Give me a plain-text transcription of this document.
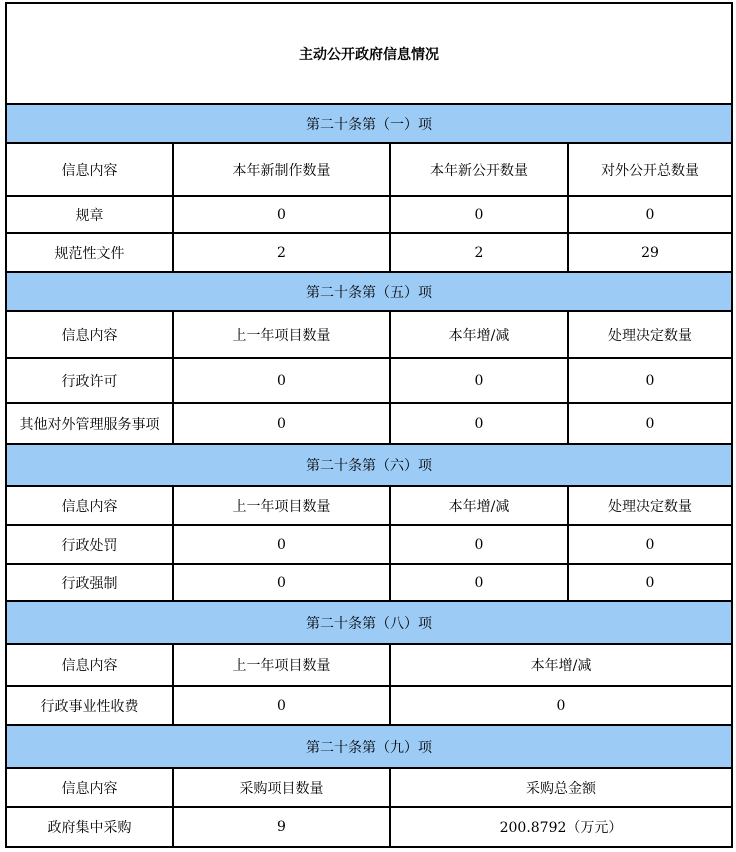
主动公开政府信息情况			
第二十条第（一）项			
信息内容	本年新制作数量	本年新公开数量	对外公开总数量
规章	0	0	0
规范性文件	2	2	29
第二十条第（五）项			
信息内容	上一年项目数量	本年增/减	处理决定数量
行政许可	0	0	0
其他对外管理服务事项	0	0	0
第二十条第（六）项			
信息内容	上一年项目数量	本年增/减	处理决定数量
行政处罚	0	0	0
行政强制	0	0	0
第二十条第（八）项			
信息内容	上一年项目数量	本年增/减	
行政事业性收费	0	0	
第二十条第（九）项			
信息内容	采购项目数量	采购总金额	
政府集中采购	9	200.8792（万元）	
